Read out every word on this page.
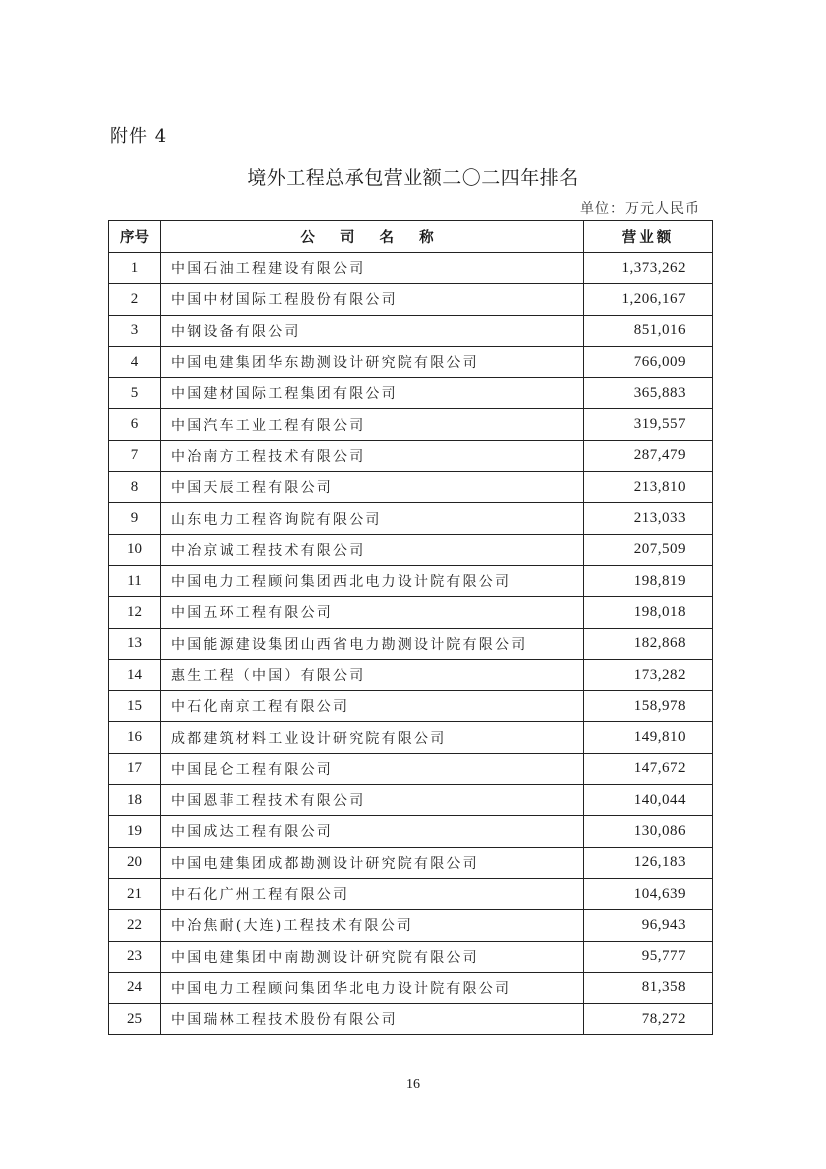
附件 4
境外工程总承包营业额二〇二四年排名
单位：万元人民币
序号	公 司 名 称	营业额
1	中国石油工程建设有限公司	1,373,262
2	中国中材国际工程股份有限公司	1,206,167
3	中钢设备有限公司	851,016
4	中国电建集团华东勘测设计研究院有限公司	766,009
5	中国建材国际工程集团有限公司	365,883
6	中国汽车工业工程有限公司	319,557
7	中冶南方工程技术有限公司	287,479
8	中国天辰工程有限公司	213,810
9	山东电力工程咨询院有限公司	213,033
10	中冶京诚工程技术有限公司	207,509
11	中国电力工程顾问集团西北电力设计院有限公司	198,819
12	中国五环工程有限公司	198,018
13	中国能源建设集团山西省电力勘测设计院有限公司	182,868
14	惠生工程（中国）有限公司	173,282
15	中石化南京工程有限公司	158,978
16	成都建筑材料工业设计研究院有限公司	149,810
17	中国昆仑工程有限公司	147,672
18	中国恩菲工程技术有限公司	140,044
19	中国成达工程有限公司	130,086
20	中国电建集团成都勘测设计研究院有限公司	126,183
21	中石化广州工程有限公司	104,639
22	中冶焦耐(大连)工程技术有限公司	96,943
23	中国电建集团中南勘测设计研究院有限公司	95,777
24	中国电力工程顾问集团华北电力设计院有限公司	81,358
25	中国瑞林工程技术股份有限公司	78,272
16
